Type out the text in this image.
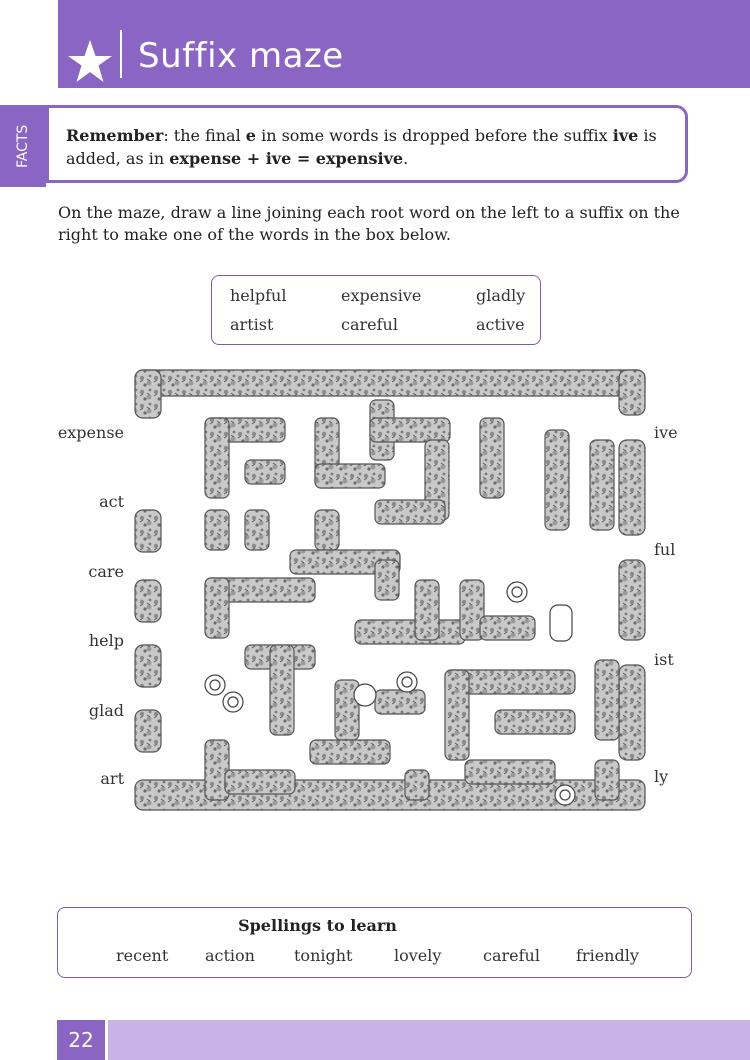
Suffix maze
FACTS	Remember: the final e in some words is dropped before the suffix ive is added, as in expense + ive = expensive.
On the maze, draw a line joining each root word on the left to a suffix on the right to make one of the words in the box below.
helpful	expensive	gladly
artist	careful	active
expense
act
care
help
glad
art
ive
ful
ist
ly
Spellings to learn
recent action tonight	lovely	careful friendly
22
